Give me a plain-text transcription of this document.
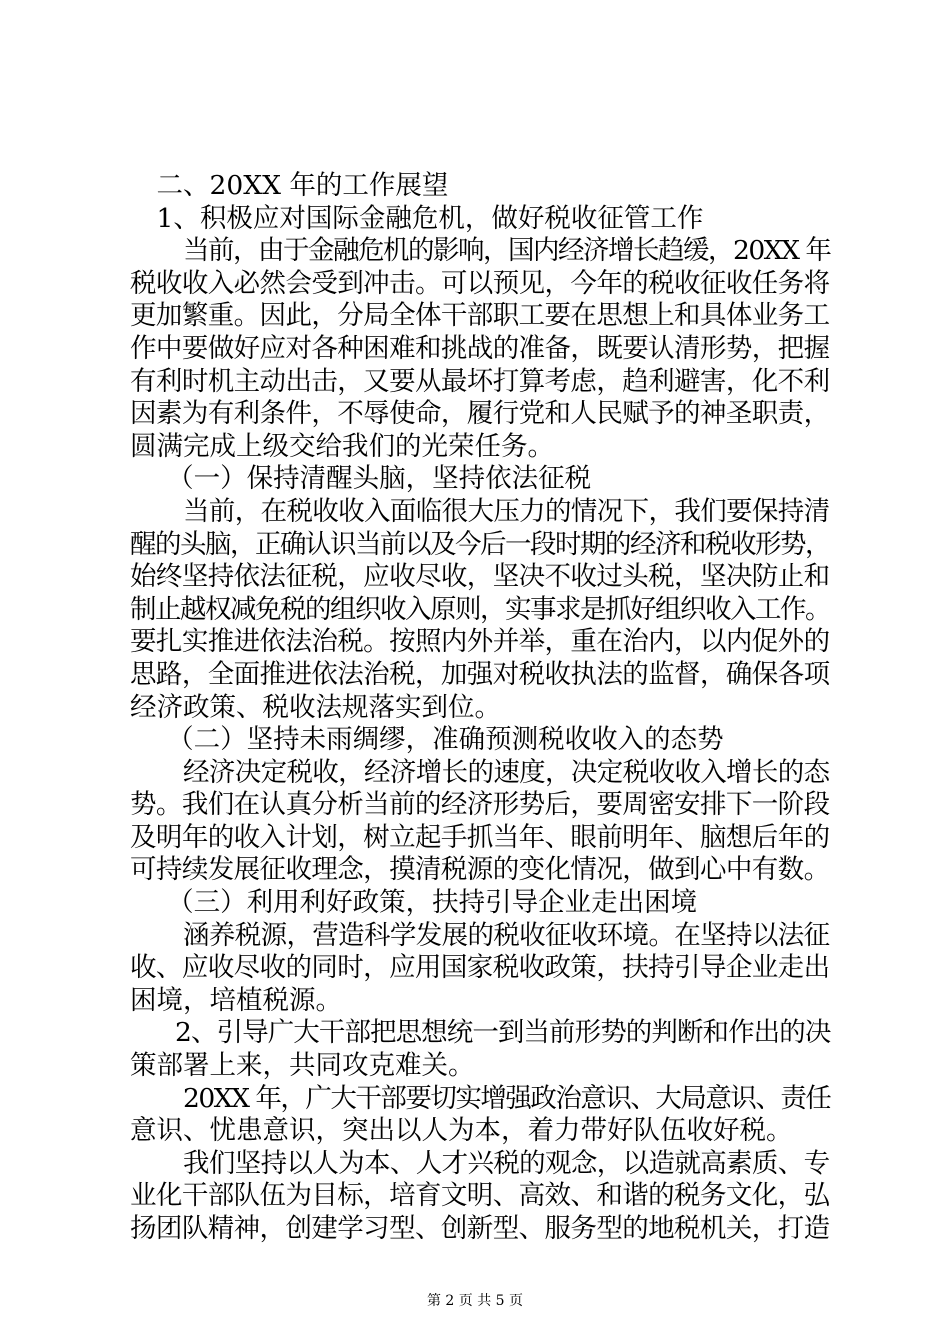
二、20XX 年的工作展望

1、积极应对国际金融危机，做好税收征管工作

当前，由于金融危机的影响，国内经济增长趋缓，20XX 年

税收收入必然会受到冲击。可以预见，今年的税收征收任务将

更加繁重。因此，分局全体干部职工要在思想上和具体业务工

作中要做好应对各种困难和挑战的准备，既要认清形势，把握

有利时机主动出击，又要从最坏打算考虑，趋利避害，化不利

因素为有利条件，不辱使命，履行党和人民赋予的神圣职责，

圆满完成上级交给我们的光荣任务。

（一）保持清醒头脑，坚持依法征税

当前，在税收收入面临很大压力的情况下，我们要保持清

醒的头脑，正确认识当前以及今后一段时期的经济和税收形势，

始终坚持依法征税，应收尽收，坚决不收过头税，坚决防止和

制止越权减免税的组织收入原则，实事求是抓好组织收入工作。

要扎实推进依法治税。按照内外并举，重在治内，以内促外的

思路，全面推进依法治税，加强对税收执法的监督，确保各项

经济政策、税收法规落实到位。

（二）坚持未雨绸缪，准确预测税收收入的态势

经济决定税收，经济增长的速度，决定税收收入增长的态

势。我们在认真分析当前的经济形势后，要周密安排下一阶段

及明年的收入计划，树立起手抓当年、眼前明年、脑想后年的

可持续发展征收理念，摸清税源的变化情况，做到心中有数。

（三）利用利好政策，扶持引导企业走出困境

涵养税源，营造科学发展的税收征收环境。在坚持以法征

收、应收尽收的同时，应用国家税收政策，扶持引导企业走出

困境，培植税源。

2、引导广大干部把思想统一到当前形势的判断和作出的决

策部署上来，共同攻克难关。

20XX 年，广大干部要切实增强政治意识、大局意识、责任

意识、忧患意识，突出以人为本，着力带好队伍收好税。

我们坚持以人为本、人才兴税的观念，以造就高素质、专

业化干部队伍为目标，培育文明、高效、和谐的税务文化，弘

扬团队精神，创建学习型、创新型、服务型的地税机关，打造

第 2 页 共 5 页
